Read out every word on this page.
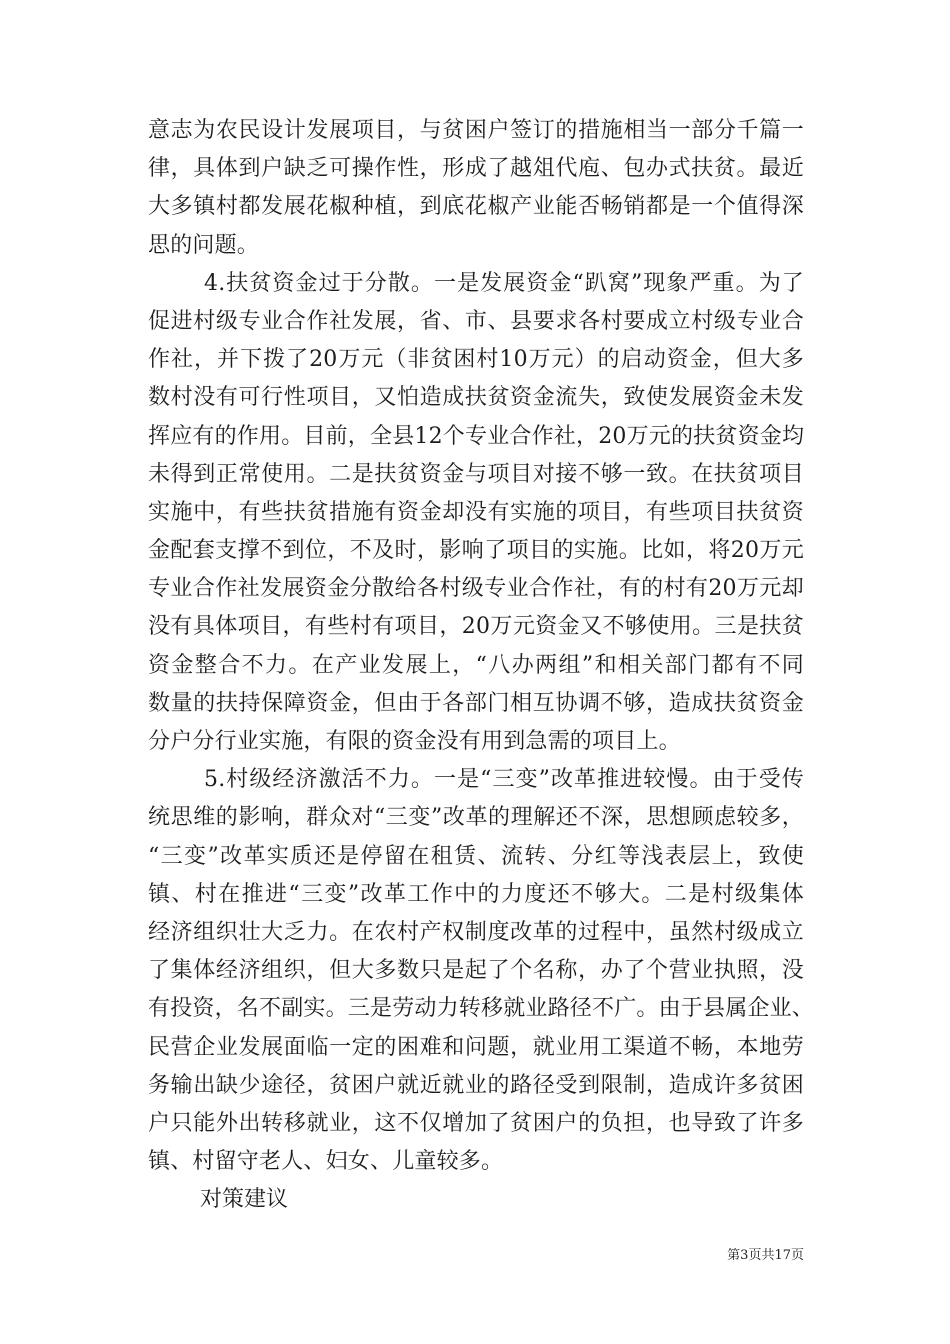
意志为农民设计发展项目，与贫困户签订的措施相当一部分千篇一
律，具体到户缺乏可操作性，形成了越俎代庖、包办式扶贫。最近
大多镇村都发展花椒种植，到底花椒产业能否畅销都是一个值得深
思的问题。
4.扶贫资金过于分散。一是发展资金“趴窝”现象严重。为了
促进村级专业合作社发展，省、市、县要求各村要成立村级专业合
作社，并下拨了20万元（非贫困村10万元）的启动资金，但大多
数村没有可行性项目，又怕造成扶贫资金流失，致使发展资金未发
挥应有的作用。目前，全县12个专业合作社，20万元的扶贫资金均
未得到正常使用。二是扶贫资金与项目对接不够一致。在扶贫项目
实施中，有些扶贫措施有资金却没有实施的项目，有些项目扶贫资
金配套支撑不到位，不及时，影响了项目的实施。比如，将20万元
专业合作社发展资金分散给各村级专业合作社，有的村有20万元却
没有具体项目，有些村有项目，20万元资金又不够使用。三是扶贫
资金整合不力。在产业发展上，“八办两组”和相关部门都有不同
数量的扶持保障资金，但由于各部门相互协调不够，造成扶贫资金
分户分行业实施，有限的资金没有用到急需的项目上。
5.村级经济激活不力。一是“三变”改革推进较慢。由于受传
统思维的影响，群众对“三变”改革的理解还不深，思想顾虑较多，
“三变”改革实质还是停留在租赁、流转、分红等浅表层上，致使
镇、村在推进“三变”改革工作中的力度还不够大。二是村级集体
经济组织壮大乏力。在农村产权制度改革的过程中，虽然村级成立
了集体经济组织，但大多数只是起了个名称，办了个营业执照，没
有投资，名不副实。三是劳动力转移就业路径不广。由于县属企业、
民营企业发展面临一定的困难和问题，就业用工渠道不畅，本地劳
务输出缺少途径，贫困户就近就业的路径受到限制，造成许多贫困
户只能外出转移就业，这不仅增加了贫困户的负担，也导致了许多
镇、村留守老人、妇女、儿童较多。
对策建议
第3页共17页
